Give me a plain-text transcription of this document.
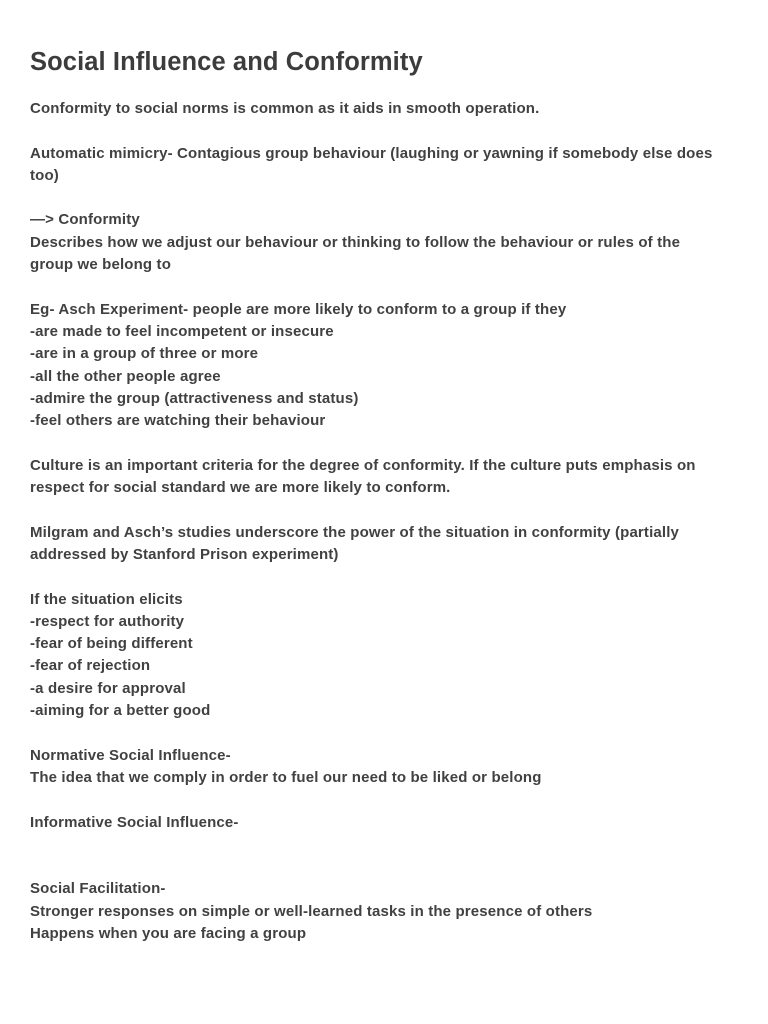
Social Influence and Conformity
Conformity to social norms is common as it aids in smooth operation.
Automatic mimicry- Contagious group behaviour (laughing or yawning if somebody else does
too)
—> Conformity
Describes how we adjust our behaviour or thinking to follow the behaviour or rules of the
group we belong to
Eg- Asch Experiment- people are more likely to conform to a group if they
-are made to feel incompetent or insecure
-are in a group of three or more
-all the other people agree
-admire the group (attractiveness and status)
-feel others are watching their behaviour
Culture is an important criteria for the degree of conformity. If the culture puts emphasis on
respect for social standard we are more likely to conform.
Milgram and Asch’s studies underscore the power of the situation in conformity (partially
addressed by Stanford Prison experiment)
If the situation elicits
-respect for authority
-fear of being different
-fear of rejection
-a desire for approval
-aiming for a better good
Normative Social Influence-
The idea that we comply in order to fuel our need to be liked or belong
Informative Social Influence-
Social Facilitation-
Stronger responses on simple or well-learned tasks in the presence of others
Happens when you are facing a group
